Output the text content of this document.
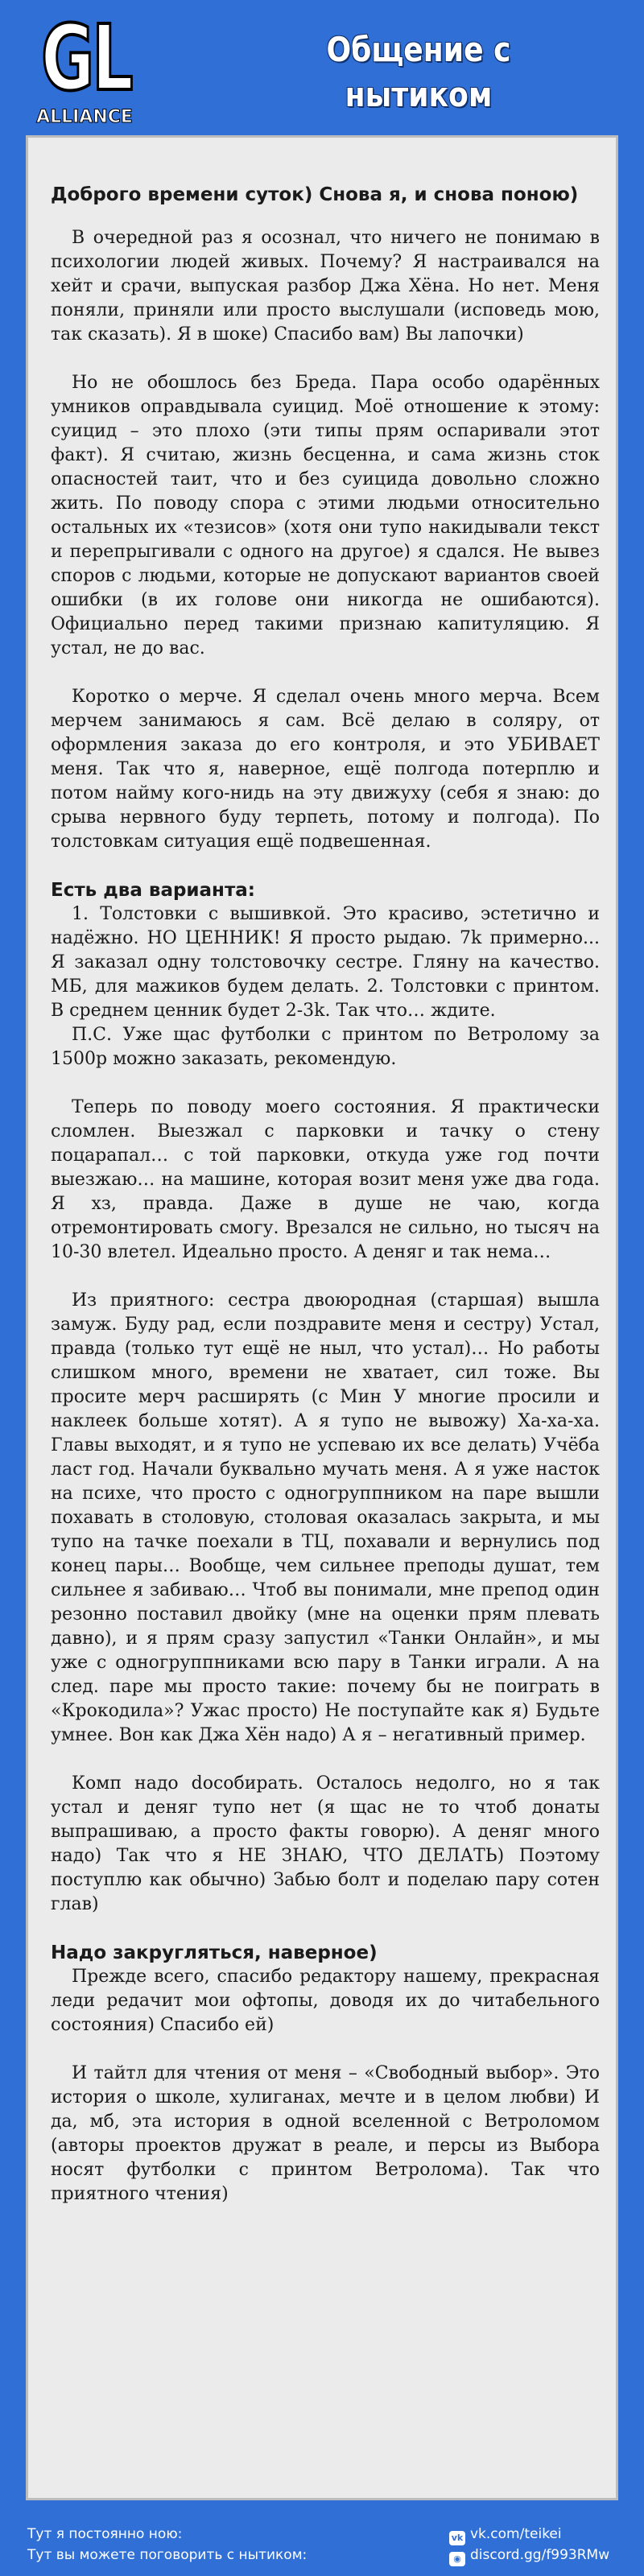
GL
ALLIANCE
Общение с нытиком

Доброго времени суток) Снова я, и снова поною)

В очередной раз я осознал, что ничего не понимаю в психологии людей живых. Почему? Я настраивался на хейт и срачи, выпуская разбор Джа Хёна. Но нет. Меня поняли, приняли или просто выслушали (исповедь мою, так сказать). Я в шоке) Спасибо вам) Вы лапочки)

Но не обошлось без Бреда. Пара особо одарённых умников оправдывала суицид. Моё отношение к этому: суицид – это плохо (эти типы прям оспаривали этот факт). Я считаю, жизнь бесценна, и сама жизнь сток опасностей таит, что и без суицида довольно сложно жить. По поводу спора с этими людьми относительно остальных их «тезисов» (хотя они тупо накидывали текст и перепрыгивали с одного на другое) я сдался. Не вывез споров с людьми, которые не допускают вариантов своей ошибки (в их голове они никогда не ошибаются). Официально перед такими признаю капитуляцию. Я устал, не до вас.

Коротко о мерче. Я сделал очень много мерча. Всем мерчем занимаюсь я сам. Всё делаю в соляру, от оформления заказа до его контроля, и это УБИВАЕТ меня. Так что я, наверное, ещё полгода потерплю и потом найму кого-нидь на эту движуху (себя я знаю: до срыва нервного буду терпеть, потому и полгода). По толстовкам ситуация ещё подвешенная.

Есть два варианта:

1. Толстовки с вышивкой. Это красиво, эстетично и надёжно. НО ЦЕННИК! Я просто рыдаю. 7k примерно... Я заказал одну толстовочку сестре. Гляну на качество. МБ, для мажиков будем делать. 2. Толстовки с принтом. В среднем ценник будет 2-3k. Так что… ждите.

П.С. Уже щас футболки с принтом по Ветролому за 1500р можно заказать, рекомендую.

Теперь по поводу моего состояния. Я практически сломлен. Выезжал с парковки и тачку о стену поцарапал… с той парковки, откуда уже год почти выезжаю… на машине, которая возит меня уже два года. Я хз, правда. Даже в душе не чаю, когда отремонтировать смогу. Врезался не сильно, но тысяч на 10-30 влетел. Идеально просто. А деняг и так нема…

Из приятного: сестра двоюродная (старшая) вышла замуж. Буду рад, если поздравите меня и сестру) Устал, правда (только тут ещё не ныл, что устал)… Но работы слишком много, времени не хватает, сил тоже. Вы просите мерч расширять (с Мин У многие просили и наклеек больше хотят). А я тупо не вывожу) Ха-ха-ха. Главы выходят, и я тупо не успеваю их все делать) Учёба ласт год. Начали буквально мучать меня. А я уже насток на психе, что просто с одногруппником на паре вышли похавать в столовую, столовая оказалась закрыта, и мы тупо на тачке поехали в ТЦ, похавали и вернулись под конец пары… Вообще, чем сильнее преподы душат, тем сильнее я забиваю… Чтоб вы понимали, мне препод один резонно поставил двойку (мне на оценки прям плевать давно), и я прям сразу запустил «Танки Онлайн», и мы уже с одногруппниками всю пару в Танки играли. А на след. паре мы просто такие: почему бы не поиграть в «Крокодила»? Ужас просто) Не поступайте как я) Будьте умнее. Вон как Джа Хён надо) А я – негативный пример.

Комп надо dособирать. Осталось недолго, но я так устал и деняг тупо нет (я щас не то чтоб донаты выпрашиваю, а просто факты говорю). А деняг много надо) Так что я НЕ ЗНАЮ, ЧТО ДЕЛАТЬ) Поэтому поступлю как обычно) Забью болт и поделаю пару сотен глав)

Надо закругляться, наверное)

Прежде всего, спасибо редактору нашему, прекрасная леди редачит мои офтопы, доводя их до читабельного состояния) Спасибо ей)

И тайтл для чтения от меня – «Свободный выбор». Это история о школе, хулиганах, мечте и в целом любви) И да, мб, эта история в одной вселенной с Ветроломом (авторы проектов дружат в реале, и персы из Выбора носят футболки с принтом Ветролома). Так что приятного чтения)

Тут я постоянно ною:
Тут вы можете поговорить с нытиком:
vk vk.com/teikei
◉ discord.gg/f993RMw
